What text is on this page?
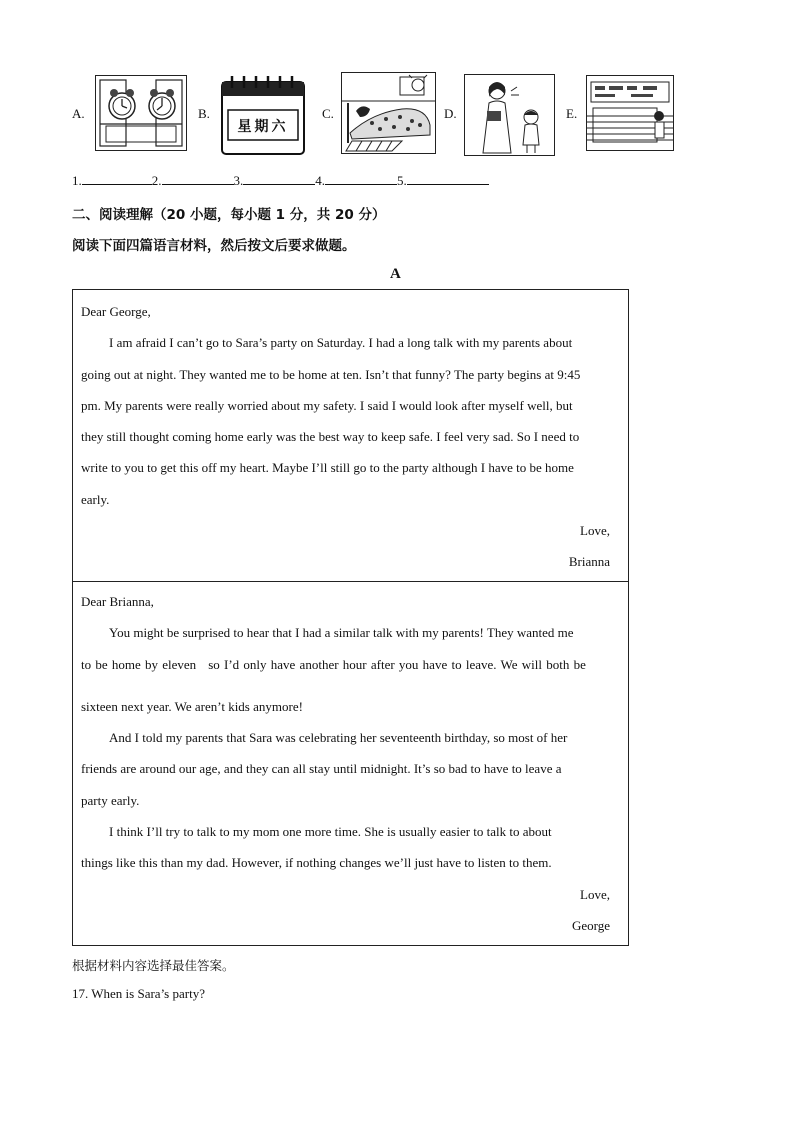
A.	B.
星期六
C.	D.	E.
1.	2.	3.	4.	5.
二、阅读理解（20 小题，每小题 1 分，共 20 分）
阅读下面四篇语言材料，然后按文后要求做题。
A
Dear George,
I am afraid I can’t go to Sara’s party on Saturday. I had a long talk with my parents about
going out at night. They wanted me to be home at ten. Isn’t that funny? The party begins at 9:45
pm. My parents were really worried about my safety. I said I would look after myself well, but
they still thought coming home early was the best way to keep safe. I feel very sad. So I need to
write to you to get this off my heart. Maybe I’ll still go to the party although I have to be home
early.
Love,
Brianna
Dear Brianna,
You might be surprised to hear that I had a similar talk with my parents! They wanted me
to be home by eleven so I’d only have another hour after you have to leave. We will both be
sixteen next year. We aren’t kids anymore!
And I told my parents that Sara was celebrating her seventeenth birthday, so most of her
friends are around our age, and they can all stay until midnight. It’s so bad to have to leave a
party early.
I think I’ll try to talk to my mom one more time. She is usually easier to talk to about
things like this than my dad. However, if nothing changes we’ll just have to listen to them.
Love,
George
根据材料内容选择最佳答案。
17. When is Sara’s party?
